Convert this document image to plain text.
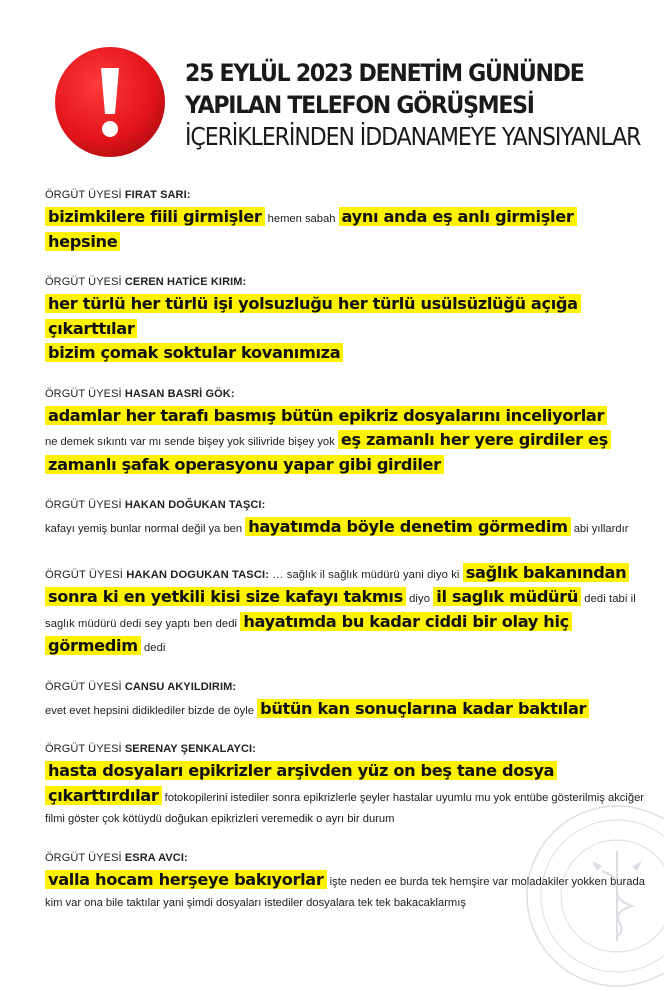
25 EYLÜL 2023 DENETİM GÜNÜNDE
YAPILAN TELEFON GÖRÜŞMESİ
İÇERİKLERİNDEN İDDANAMEYE YANSIYANLAR
ÖRGÜT ÜYESİ FIRAT SARI:
bizimkilere fiili girmişler hemen sabah aynı anda eş anlı girmişler hepsine
ÖRGÜT ÜYESİ CEREN HATİCE KIRIM:
her türlü her türlü işi yolsuzluğu her türlü usülsüzlüğü açığa çıkarttılar
bizim çomak soktular kovanımıza
ÖRGÜT ÜYESİ HASAN BASRİ GÖK:
adamlar her tarafı basmış bütün epikriz dosyalarını inceliyorlar
ne demek sıkıntı var mı sende bişey yok silivride bişey yok eş zamanlı her yere girdiler eş zamanlı şafak operasyonu yapar gibi girdiler
ÖRGÜT ÜYESİ HAKAN DOĞUKAN TAŞCI:
kafayı yemiş bunlar normal değil ya ben hayatımda böyle denetim görmedim abi yıllardır
ÖRGÜT ÜYESİ HAKAN DOGUKAN TASCI: … sağlık il sağlık müdürü yani diyo ki sağlık bakanından sonra ki en yetkili kisi size kafayı takmıs diyo il saglık müdürü dedi tabi il saglık müdürü dedi sey yaptı ben dedi hayatımda bu kadar ciddi bir olay hiç görmedim dedi
ÖRGÜT ÜYESİ CANSU AKYILDIRIM:
evet evet hepsini didiklediler bizde de öyle bütün kan sonuçlarına kadar baktılar
ÖRGÜT ÜYESİ SERENAY ŞENKALAYCI:
hasta dosyaları epikrizler arşivden yüz on beş tane dosya çıkarttırdılar fotokopilerini istediler sonra epikrizlerle şeyler hastalar uyumlu mu yok entübe gösterilmiş akciğer filmi göster çok kötüydü doğukan epikrizleri veremedik o ayrı bir durum
ÖRGÜT ÜYESİ ESRA AVCI:
valla hocam herşeye bakıyorlar işte neden ee burda tek hemşire var moladakiler yokken burada kim var ona bile taktılar yani şimdi dosyaları istediler dosyalara tek tek bakacaklarmış
